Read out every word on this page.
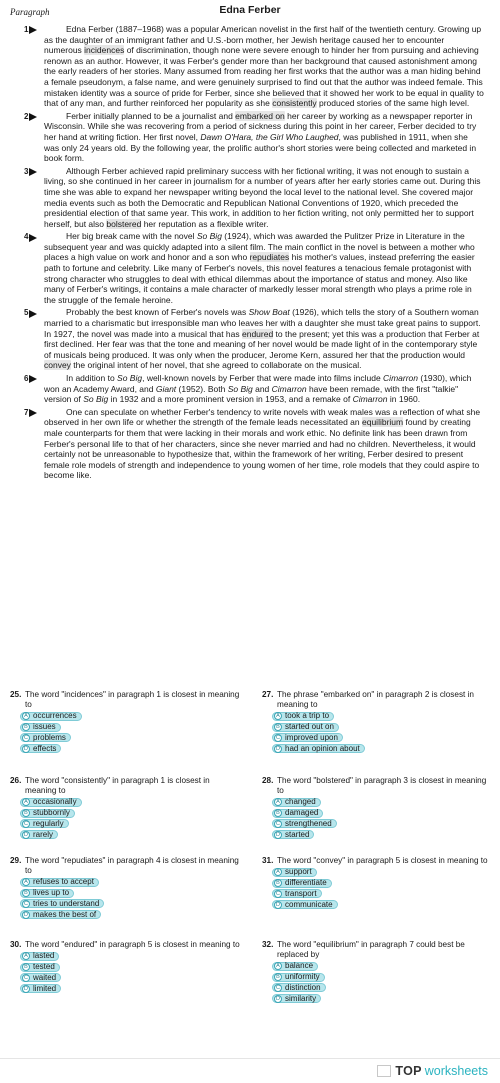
Paragraph	Edna Ferber
1	Edna Ferber (1887–1968) was a popular American novelist in the first half of the twentieth century. Growing up as the daughter of an immigrant father and U.S.-born mother, her Jewish heritage caused her to encounter numerous incidences of discrimination, though none were severe enough to hinder her from pursuing and achieving renown as an author. However, it was Ferber's gender more than her background that caused astonishment among the early readers of her stories. Many assumed from reading her first works that the author was a man hiding behind a female pseudonym, a false name, and were genuinely surprised to find out that the author was indeed female. This mistaken identity was a source of pride for Ferber, since she believed that it showed her work to be equal in quality to that of any man, and further reinforced her popularity as she consistently produced stories of the same high level.
2	Ferber initially planned to be a journalist and embarked on her career by working as a newspaper reporter in Wisconsin. While she was recovering from a period of sickness during this point in her career, Ferber decided to try her hand at writing fiction. Her first novel, Dawn O'Hara, the Girl Who Laughed, was published in 1911, when she was only 24 years old. By the following year, the prolific author's short stories were being collected and marketed in book form.
3	Although Ferber achieved rapid preliminary success with her fictional writing, it was not enough to sustain a living, so she continued in her career in journalism for a number of years after her early stories came out. During this time she was able to expand her newspaper writing beyond the local level to the national level. She covered major media events such as both the Democratic and Republican National Conventions of 1920, which preceded the presidential election of that same year. This work, in addition to her fiction writing, not only permitted her to support herself, but also bolstered her reputation as a flexible writer.
4	Her big break came with the novel So Big (1924), which was awarded the Pulitzer Prize in Literature in the subsequent year and was quickly adapted into a silent film. The main conflict in the novel is between a mother who places a high value on work and honor and a son who repudiates his mother's values, instead preferring the easier path to fortune and celebrity. Like many of Ferber's novels, this novel features a tenacious female protagonist with strong character who struggles to deal with ethical dilemmas about the importance of status and money. Also like many of Ferber's writings, it contains a male character of markedly lesser moral strength who plays a prime role in the struggle of the female heroine.
5	Probably the best known of Ferber's novels was Show Boat (1926), which tells the story of a Southern woman married to a charismatic but irresponsible man who leaves her with a daughter she must take great pains to support. In 1927, the novel was made into a musical that has endured to the present; yet this was a production that Ferber at first declined. Her fear was that the tone and meaning of her novel would be made light of in the contemporary style of musicals being produced. It was only when the producer, Jerome Kern, assured her that the production would convey the original intent of her novel, that she agreed to collaborate on the musical.
6	In addition to So Big, well-known novels by Ferber that were made into films include Cimarron (1930), which won an Academy Award, and Giant (1952). Both So Big and Cimarron have been remade, with the first "talkie" version of So Big in 1932 and a more prominent version in 1953, and a remake of Cimarron in 1960.
7	One can speculate on whether Ferber's tendency to write novels with weak males was a reflection of what she observed in her own life or whether the strength of the female leads necessitated an equilibrium found by creating male counterparts for them that were lacking in their morals and work ethic. No definite link has been drawn from Ferber's personal life to that of her characters, since she never married and had no children. Nevertheless, it would certainly not be unreasonable to hypothesize that, within the framework of her writing, Ferber desired to present female role models of strength and independence to young women of her time, role models that they could aspire to become like.
25. The word "incidences" in paragraph 1 is closest in meaning to
A occurrences
B issues
C problems
D effects
27. The phrase "embarked on" in paragraph 2 is closest in meaning to
A took a trip to
B started out on
C improved upon
D had an opinion about
26. The word "consistently" in paragraph 1 is closest in meaning to
A occasionally
B stubbornly
C regularly
D rarely
28. The word "bolstered" in paragraph 3 is closest in meaning to
A changed
B damaged
C strengthened
D started
29. The word "repudiates" in paragraph 4 is closest in meaning to
A refuses to accept
B lives up to
C tries to understand
D makes the best of
31. The word "convey" in paragraph 5 is closest in meaning to
A support
B differentiate
C transport
D communicate
30. The word "endured" in paragraph 5 is closest in meaning to
A lasted
B tested
C waited
D limited
32. The word "equilibrium" in paragraph 7 could best be replaced by
A balance
B uniformity
C distinction
D similarity
TOP worksheets
